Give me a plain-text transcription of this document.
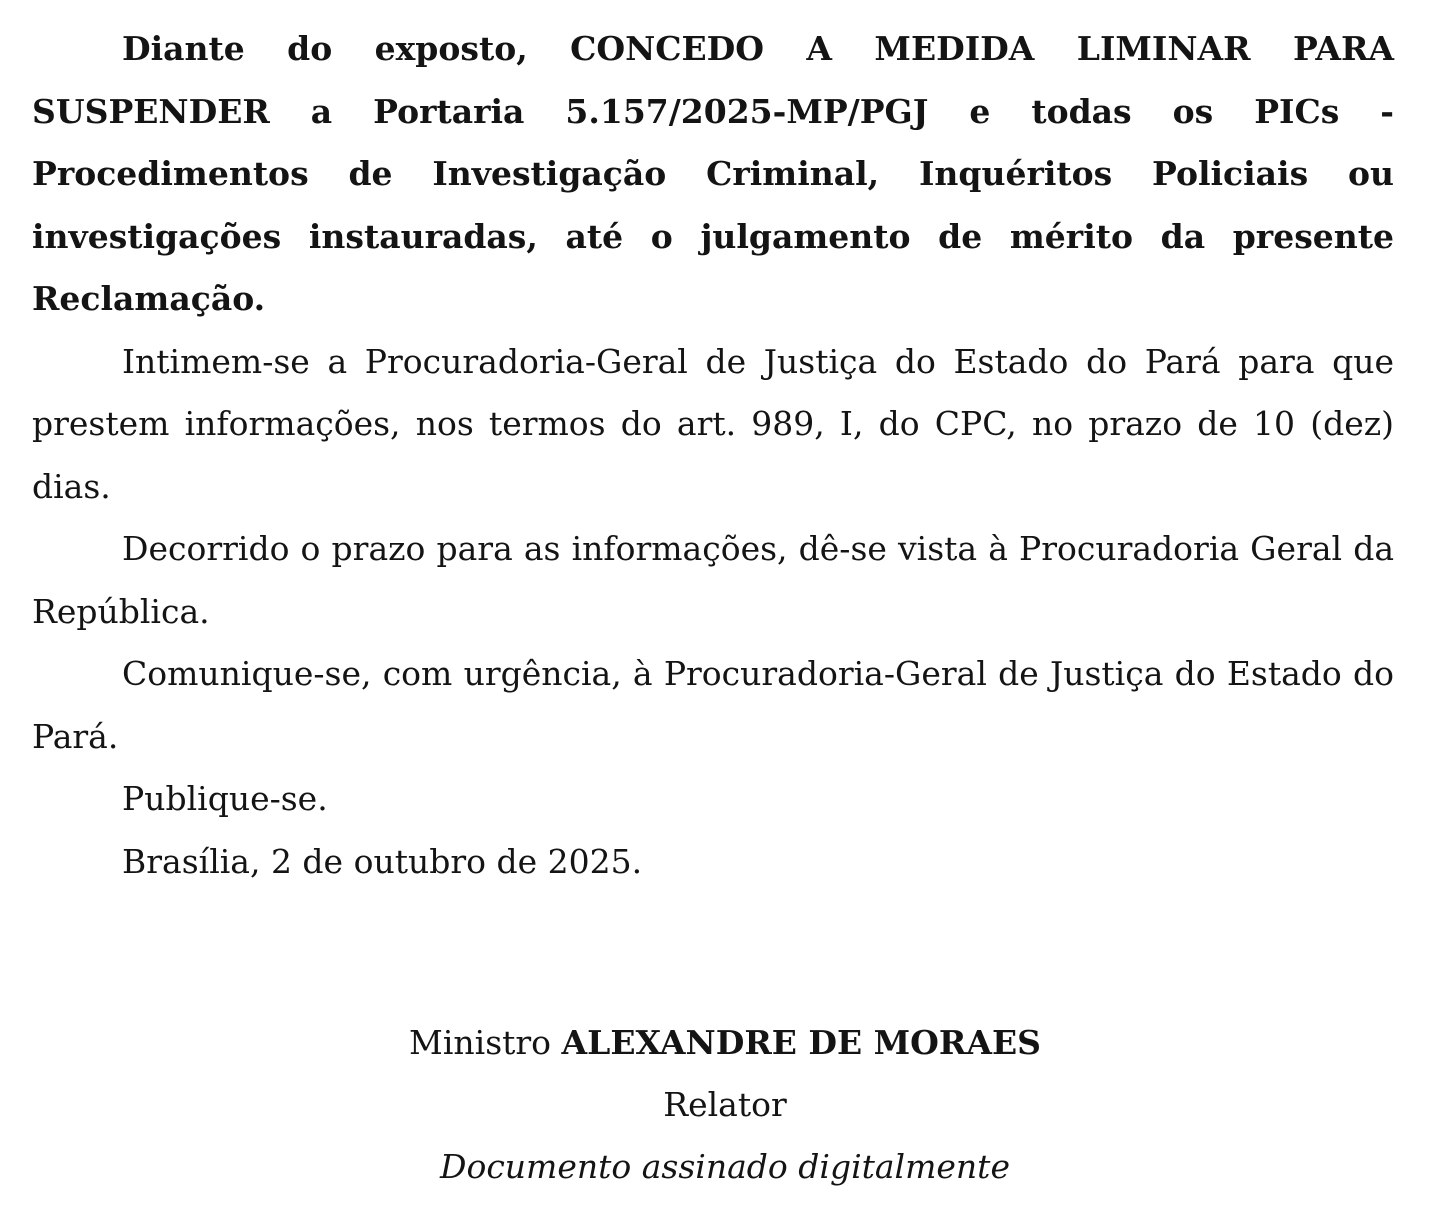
Diante do exposto, CONCEDO A MEDIDA LIMINAR PARA SUSPENDER a Portaria 5.157/2025-MP/PGJ e todas os PICs - Procedimentos de Investigação Criminal, Inquéritos Policiais ou investigações instauradas, até o julgamento de mérito da presente Reclamação.

Intimem-se a Procuradoria-Geral de Justiça do Estado do Pará para que prestem informações, nos termos do art. 989, I, do CPC, no prazo de 10 (dez) dias.

Decorrido o prazo para as informações, dê-se vista à Procuradoria Geral da República.

Comunique-se, com urgência, à Procuradoria-Geral de Justiça do Estado do Pará.

Publique-se.

Brasília, 2 de outubro de 2025.

Ministro ALEXANDRE DE MORAES
Relator
Documento assinado digitalmente
